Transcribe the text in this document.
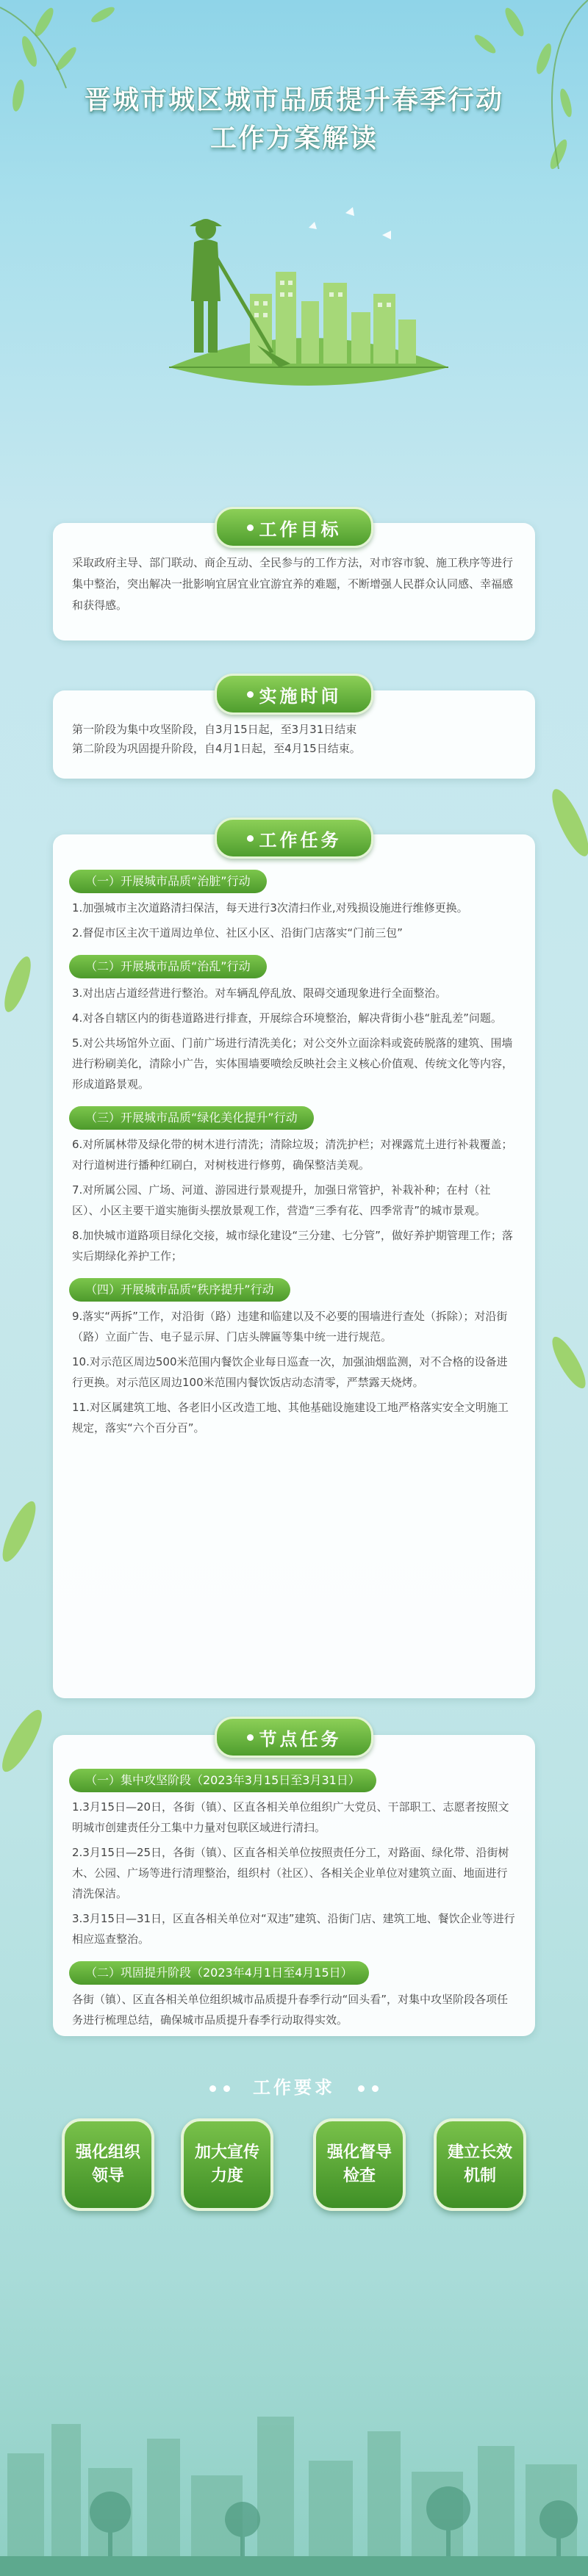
晋城市城区城市品质提升春季行动
工作方案解读
采取政府主导、部门联动、商企互动、全民参与的工作方法，对市容市貌、施工秩序等进行集中整治，突出解决一批影响宜居宜业宜游宜养的难题，不断增强人民群众认同感、幸福感和获得感。
工作目标
第一阶段为集中攻坚阶段，自3月15日起，至3月31日结束
第二阶段为巩固提升阶段，自4月1日起，至4月15日结束。
实施时间
（一）开展城市品质“治脏”行动
1.加强城市主次道路清扫保洁，每天进行3次清扫作业,对残损设施进行维修更换。
2.督促市区主次干道周边单位、社区小区、沿街门店落实“门前三包”
（二）开展城市品质“治乱”行动
3.对出店占道经营进行整治。对车辆乱停乱放、限碍交通现象进行全面整治。
4.对各自辖区内的街巷道路进行排查，开展综合环境整治，解决背街小巷“脏乱差”问题。
5.对公共场馆外立面、门前广场进行清洗美化；对公交外立面涂料或瓷砖脱落的建筑、围墙进行粉刷美化，清除小广告，实体围墙要喷绘反映社会主义核心价值观、传统文化等内容，形成道路景观。
（三）开展城市品质“绿化美化提升”行动
6.对所属林带及绿化带的树木进行清洗；清除垃圾；清洗护栏；对裸露荒土进行补栽覆盖；对行道树进行播种红刷白，对树枝进行修剪，确保整洁美观。
7.对所属公园、广场、河道、游园进行景观提升，加强日常管护，补栽补种；在村（社区）、小区主要干道实施街头摆放景观工作，营造“三季有花、四季常青”的城市景观。
8.加快城市道路项目绿化交接，城市绿化建设“三分建、七分管”，做好养护期管理工作；落实后期绿化养护工作；
（四）开展城市品质“秩序提升”行动
9.落实“两拆”工作，对沿街（路）违建和临建以及不必要的围墙进行查处（拆除）；对沿街（路）立面广告、电子显示屏、门店头牌匾等集中统一进行规范。
10.对示范区周边500米范围内餐饮企业每日巡查一次，加强油烟监测，对不合格的设备进行更换。对示范区周边100米范围内餐饮饭店动态清零，严禁露天烧烤。
11.对区属建筑工地、各老旧小区改造工地、其他基础设施建设工地严格落实安全文明施工规定，落实“六个百分百”。
工作任务
（一）集中攻坚阶段（2023年3月15日至3月31日）
1.3月15日—20日，各街（镇）、区直各相关单位组织广大党员、干部职工、志愿者按照文明城市创建责任分工集中力量对包联区域进行清扫。
2.3月15日—25日，各街（镇）、区直各相关单位按照责任分工，对路面、绿化带、沿街树木、公园、广场等进行清理整治，组织村（社区）、各相关企业单位对建筑立面、地面进行清洗保洁。
3.3月15日—31日，区直各相关单位对“双违”建筑、沿街门店、建筑工地、餐饮企业等进行相应巡查整治。
（二）巩固提升阶段（2023年4月1日至4月15日）
各街（镇）、区直各相关单位组织城市品质提升春季行动“回头看”，对集中攻坚阶段各项任务进行梳理总结，确保城市品质提升春季行动取得实效。
节点任务
工作要求
强化组织领导
加大宣传力度
强化督导检查
建立长效机制
